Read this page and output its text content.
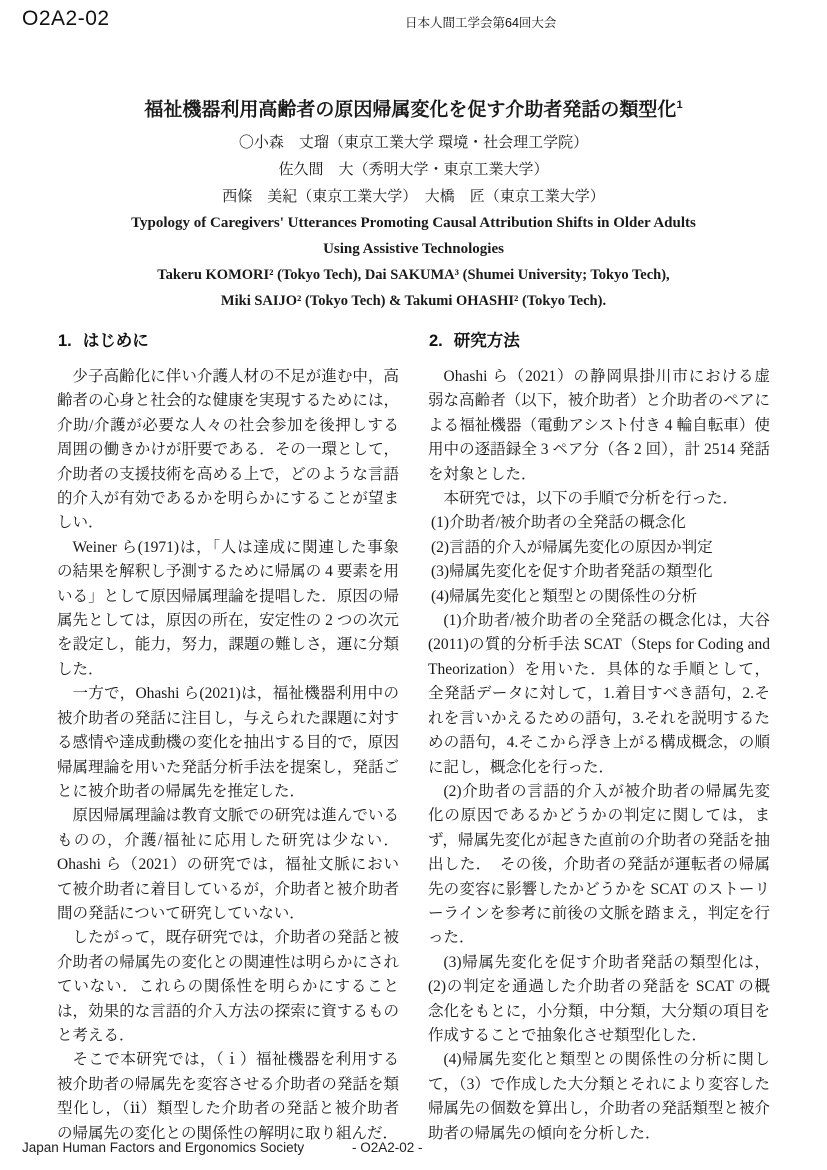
O2A2-02	日本人間工学会第64回大会
福祉機器利用高齢者の原因帰属変化を促す介助者発話の類型化$^1$
〇小森　丈瑠（東京工業大学 環境・社会理工学院）
佐久間　大（秀明大学・東京工業大学）
西條　美紀（東京工業大学）　大橋　匠（東京工業大学）
Typology of Caregivers' Utterances Promoting Causal Attribution Shifts in Older Adults
Using Assistive Technologies
Takeru KOMORI² (Tokyo Tech), Dai SAKUMA³ (Shumei University; Tokyo Tech),
Miki SAIJO² (Tokyo Tech) & Takumi OHASHI² (Tokyo Tech).
1. はじめに

少子高齢化に伴い介護人材の不足が進む中，高齢者の心身と社会的な健康を実現するためには，介助/介護が必要な人々の社会参加を後押しする周囲の働きかけが肝要である．その一環として，介助者の支援技術を高める上で，どのような言語的介入が有効であるかを明らかにすることが望ましい．

Weiner ら(1971)は，「人は達成に関連した事象の結果を解釈し予測するために帰属の 4 要素を用いる」として原因帰属理論を提唱した．原因の帰属先としては，原因の所在，安定性の 2 つの次元を設定し，能力，努力，課題の難しさ，運に分類した．

一方で，Ohashi ら(2021)は，福祉機器利用中の被介助者の発話に注目し，与えられた課題に対する感情や達成動機の変化を抽出する目的で，原因帰属理論を用いた発話分析手法を提案し，発話ごとに被介助者の帰属先を推定した．

原因帰属理論は教育文脈での研究は進んでいるものの，介護/福祉に応用した研究は少ない．Ohashi ら（2021）の研究では，福祉文脈において被介助者に着目しているが，介助者と被介助者間の発話について研究していない．

したがって，既存研究では，介助者の発話と被介助者の帰属先の変化との関連性は明らかにされていない．これらの関係性を明らかにすることは，効果的な言語的介入方法の探索に資するものと考える．

そこで本研究では，（ｉ）福祉機器を利用する被介助者の帰属先を変容させる介助者の発話を類型化し，（ⅱ）類型した介助者の発話と被介助者の帰属先の変化との関係性の解明に取り組んだ．

2. 研究方法

Ohashi ら（2021）の静岡県掛川市における虚弱な高齢者（以下，被介助者）と介助者のペアによる福祉機器（電動アシスト付き 4 輪自転車）使用中の逐語録全 3 ペア分（各 2 回），計 2514 発話を対象とした．

本研究では，以下の手順で分析を行った．

(1)介助者/被介助者の全発話の概念化

(2)言語的介入が帰属先変化の原因か判定

(3)帰属先変化を促す介助者発話の類型化

(4)帰属先変化と類型との関係性の分析

(1)介助者/被介助者の全発話の概念化は，大谷(2011)の質的分析手法 SCAT（Steps for Coding and Theorization）を用いた．具体的な手順として，全発話データに対して，1.着目すべき語句，2.それを言いかえるための語句，3.それを説明するための語句，4.そこから浮き上がる構成概念，の順に記し，概念化を行った．

(2)介助者の言語的介入が被介助者の帰属先変化の原因であるかどうかの判定に関しては，まず，帰属先変化が起きた直前の介助者の発話を抽出した．　その後，介助者の発話が運転者の帰属先の変容に影響したかどうかを SCAT のストーリーラインを参考に前後の文脈を踏まえ，判定を行った．

(3)帰属先変化を促す介助者発話の類型化は，(2)の判定を通過した介助者の発話を SCAT の概念化をもとに，小分類，中分類，大分類の項目を作成することで抽象化させ類型化した．

(4)帰属先変化と類型との関係性の分析に関して，（3）で作成した大分類とそれにより変容した帰属先の個数を算出し，介助者の発話類型と被介助者の帰属先の傾向を分析した．

Japan Human Factors and Ergonomics Society	- O2A2-02 -
